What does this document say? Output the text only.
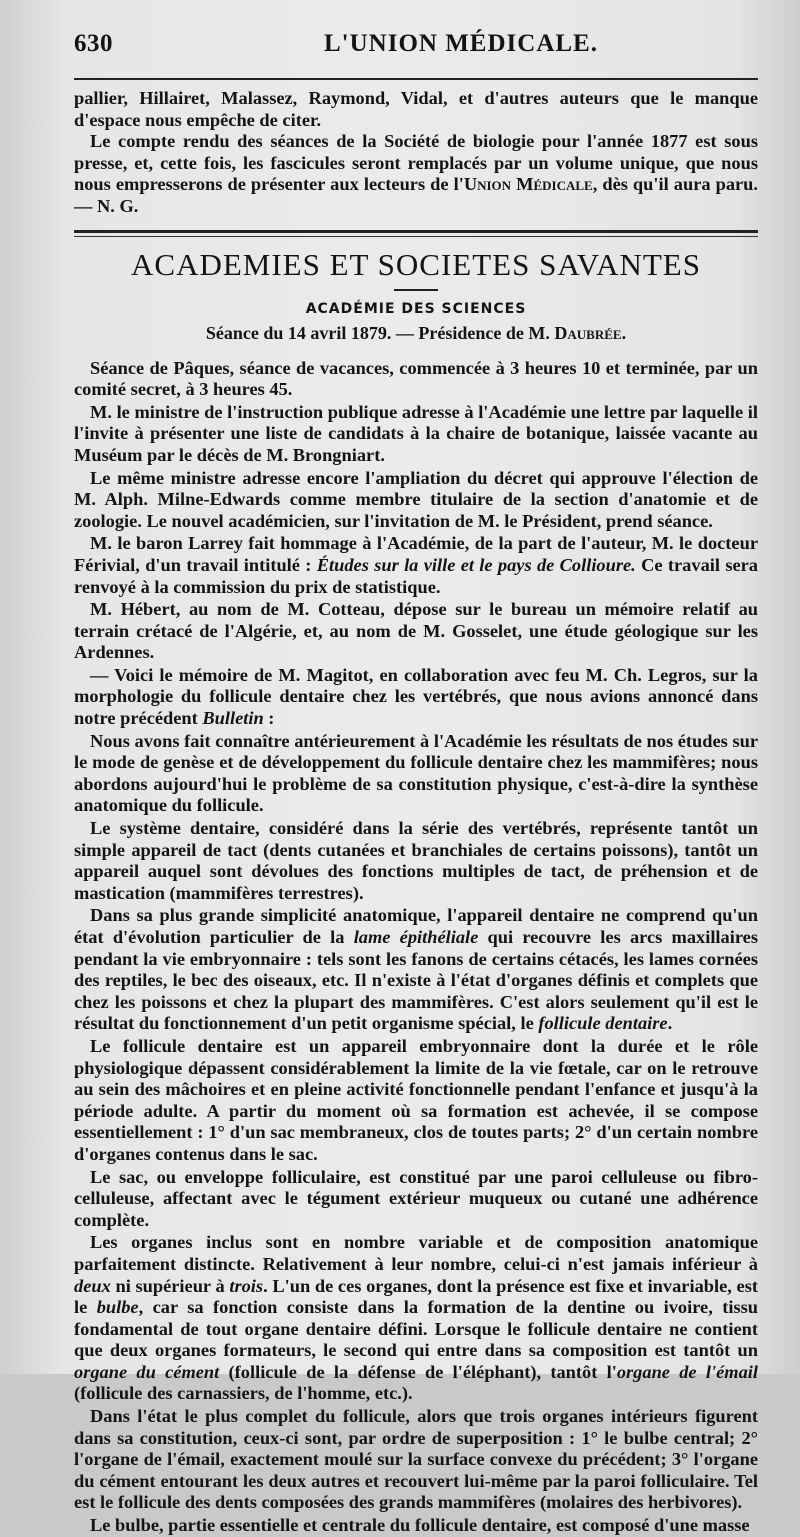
630	L'UNION MÉDICALE.

pallier, Hillairet, Malassez, Raymond, Vidal, et d'autres auteurs que le manque d'espace nous empêche de citer.

Le compte rendu des séances de la Société de biologie pour l'année 1877 est sous presse, et, cette fois, les fascicules seront remplacés par un volume unique, que nous nous empresserons de présenter aux lecteurs de l'Union Médicale, dès qu'il aura paru. — N. G.

ACADEMIES ET SOCIETES SAVANTES
ACADÉMIE DES SCIENCES
Séance du 14 avril 1879. — Présidence de M. Daubrée.

Séance de Pâques, séance de vacances, commencée à 3 heures 10 et terminée, par un comité secret, à 3 heures 45.

M. le ministre de l'instruction publique adresse à l'Académie une lettre par laquelle il l'invite à présenter une liste de candidats à la chaire de botanique, laissée vacante au Muséum par le décès de M. Brongniart.

Le même ministre adresse encore l'ampliation du décret qui approuve l'élection de M. Alph. Milne-Edwards comme membre titulaire de la section d'anatomie et de zoologie. Le nouvel académicien, sur l'invitation de M. le Président, prend séance.

M. le baron Larrey fait hommage à l'Académie, de la part de l'auteur, M. le docteur Férivial, d'un travail intitulé : Études sur la ville et le pays de Collioure. Ce travail sera renvoyé à la commission du prix de statistique.

M. Hébert, au nom de M. Cotteau, dépose sur le bureau un mémoire relatif au terrain crétacé de l'Algérie, et, au nom de M. Gosselet, une étude géologique sur les Ardennes.

— Voici le mémoire de M. Magitot, en collaboration avec feu M. Ch. Legros, sur la morphologie du follicule dentaire chez les vertébrés, que nous avions annoncé dans notre précédent Bulletin :

Nous avons fait connaître antérieurement à l'Académie les résultats de nos études sur le mode de genèse et de développement du follicule dentaire chez les mammifères; nous abordons aujourd'hui le problème de sa constitution physique, c'est-à-dire la synthèse anatomique du follicule.

Le système dentaire, considéré dans la série des vertébrés, représente tantôt un simple appareil de tact (dents cutanées et branchiales de certains poissons), tantôt un appareil auquel sont dévolues des fonctions multiples de tact, de préhension et de mastication (mammifères terrestres).

Dans sa plus grande simplicité anatomique, l'appareil dentaire ne comprend qu'un état d'évolution particulier de la lame épithéliale qui recouvre les arcs maxillaires pendant la vie embryonnaire : tels sont les fanons de certains cétacés, les lames cornées des reptiles, le bec des oiseaux, etc. Il n'existe à l'état d'organes définis et complets que chez les poissons et chez la plupart des mammifères. C'est alors seulement qu'il est le résultat du fonctionnement d'un petit organisme spécial, le follicule dentaire.

Le follicule dentaire est un appareil embryonnaire dont la durée et le rôle physiologique dépassent considérablement la limite de la vie fœtale, car on le retrouve au sein des mâchoires et en pleine activité fonctionnelle pendant l'enfance et jusqu'à la période adulte. A partir du moment où sa formation est achevée, il se compose essentiellement : 1° d'un sac membraneux, clos de toutes parts; 2° d'un certain nombre d'organes contenus dans le sac.

Le sac, ou enveloppe folliculaire, est constitué par une paroi celluleuse ou fibro-celluleuse, affectant avec le tégument extérieur muqueux ou cutané une adhérence complète.

Les organes inclus sont en nombre variable et de composition anatomique parfaitement distincte. Relativement à leur nombre, celui-ci n'est jamais inférieur à deux ni supérieur à trois. L'un de ces organes, dont la présence est fixe et invariable, est le bulbe, car sa fonction consiste dans la formation de la dentine ou ivoire, tissu fondamental de tout organe dentaire défini. Lorsque le follicule dentaire ne contient que deux organes formateurs, le second qui entre dans sa composition est tantôt un organe du cément (follicule de la défense de l'éléphant), tantôt l'organe de l'émail (follicule des carnassiers, de l'homme, etc.).

Dans l'état le plus complet du follicule, alors que trois organes intérieurs figurent dans sa constitution, ceux-ci sont, par ordre de superposition : 1° le bulbe central; 2° l'organe de l'émail, exactement moulé sur la surface convexe du précédent; 3° l'organe du cément entourant les deux autres et recouvert lui-même par la paroi folliculaire. Tel est le follicule des dents composées des grands mammifères (molaires des herbivores).

Le bulbe, partie essentielle et centrale du follicule dentaire, est composé d'une masse
